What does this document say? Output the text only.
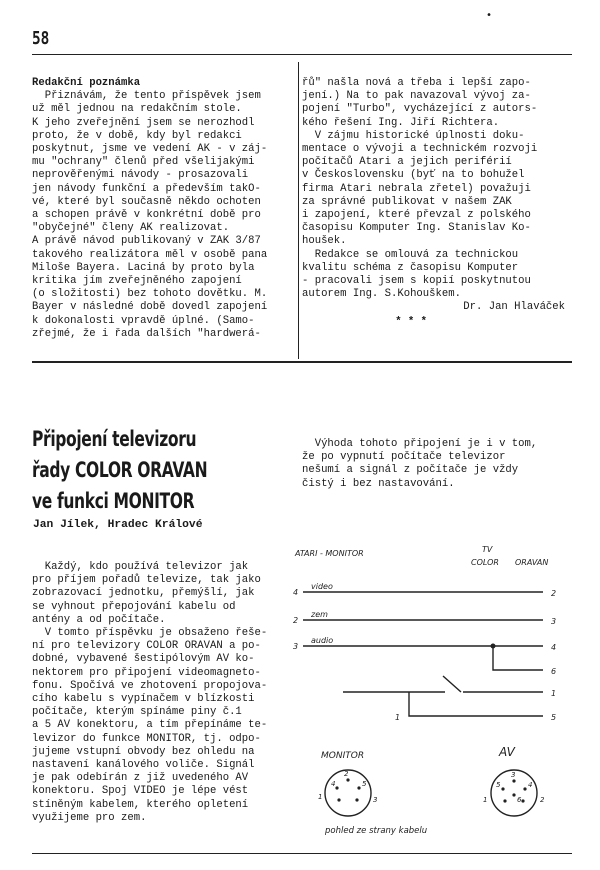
58
•

Redakční poznámka

Přiznávám, že tento příspěvek jsem

už měl jednou na redakčním stole.

K jeho zveřejnění jsem se nerozhodl

proto, že v době, kdy byl redakci

poskytnut, jsme ve vedení AK - v záj-

mu "ochrany" členů před všelijakými

neprověřenými návody - prosazovali

jen návody funkční a především takO-

vé, které byl současně někdo ochoten

a schopen právě v konkrétní době pro

"obyčejné" členy AK realizovat.

A právě návod publikovaný v ZAK 3/87

takového realizátora měl v osobě pana

Miloše Bayera. Laciná by proto byla

kritika jím zveřejněného zapojení

(o složitosti) bez tohoto dovětku. M.

Bayer v následné době dovedl zapojení

k dokonalosti vpravdě úplné. (Samo-

zřejmé, že i řada dalších "hardwerá-

řů" našla nová a třeba i lepší zapo-

jení.) Na to pak navazoval vývoj za-

pojení "Turbo", vycházející z autors-

kého řešení Ing. Jiří Richtera.

V zájmu historické úplnosti doku-

mentace o vývoji a technickém rozvoji

počítačů Atari a jejich periférií

v Československu (byť na to bohužel

firma Atari nebrala zřetel) považuji

za správné publikovat v našem ZAK

i zapojení, které převzal z polského

časopisu Komputer Ing. Stanislav Ko-

houšek.

Redakce se omlouvá za technickou

kvalitu schéma z časopisu Komputer

- pracovali jsem s kopií poskytnutou

autorem Ing. S.Kohouškem.

Dr. Jan Hlaváček

* * *

Připojení televizoru
řady COLOR ORAVAN
ve funkci MONITOR
Jan Jílek, Hradec Králové

Výhoda tohoto připojení je i v tom,

že po vypnutí počítače televizor

nešumí a signál z počítače je vždy

čistý i bez nastavování.

Každý, kdo používá televizor jak

pro příjem pořadů televize, tak jako

zobrazovací jednotku, přemýšlí, jak

se vyhnout přepojování kabelu od

antény a od počítače.

V tomto příspěvku je obsaženo řeše-

ní pro televizory COLOR ORAVAN a po-

dobné, vybavené šestipólovým AV ko-

nektorem pro připojení videomagneto-

fonu. Spočívá ve zhotovení propojova-

cího kabelu s vypínačem v blízkosti

počítače, kterým spínáme piny č.1

a 5 AV konektoru, a tím přepínáme te-

levizor do funkce MONITOR, tj. odpo-

jujeme vstupní obvody bez ohledu na

nastavení kanálového voliče. Signál

je pak odebírán z již uvedeného AV

konektoru. Spoj VIDEO je lépe vést

stíněným kabelem, kterého opletení

využijeme pro zem.

ATARI - MONITOR	TV
COLOR ORAVAN
video
zem
audio
4
2
3
2
3
4
6
1
5
1
MONITOR	AV
2
4	5
1	3
3
4
5
1	6	2
pohled ze strany kabelu
